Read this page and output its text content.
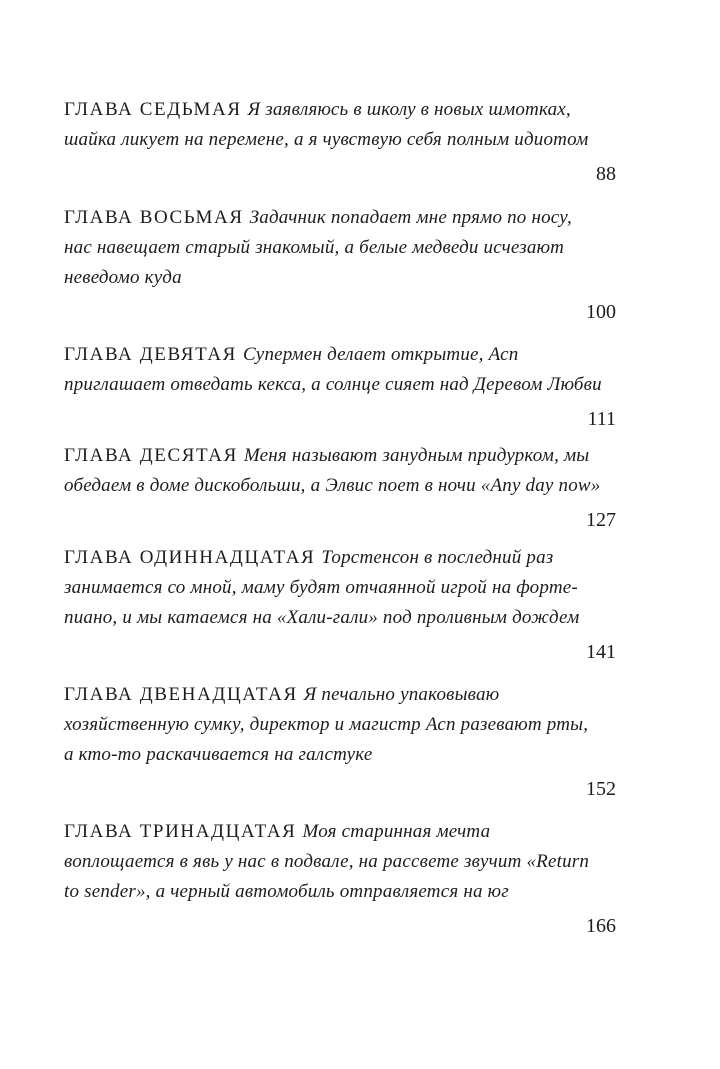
ГЛАВА СЕДЬМАЯ Я заявляюсь в школу в новых шмотках,
шайка ликует на перемене, а я чувствую себя полным идиотом
88
ГЛАВА ВОСЬМАЯ Задачник попадает мне прямо по носу,
нас навещает старый знакомый, а белые медведи исчезают
неведомо куда
100
ГЛАВА ДЕВЯТАЯ Супермен делает открытие, Асп
приглашает отведать кекса, а солнце сияет над Деревом Любви
111
ГЛАВА ДЕСЯТАЯ Меня называют занудным придурком, мы
обедаем в доме дискобольши, а Элвис поет в ночи «Any day now»
127
ГЛАВА ОДИННАДЦАТАЯ Торстенсон в последний раз
занимается со мной, маму будят отчаянной игрой на форте-
пиано, и мы катаемся на «Хали-гали» под проливным дождем
141
ГЛАВА ДВЕНАДЦАТАЯ Я печально упаковываю
хозяйственную сумку, директор и магистр Асп разевают рты,
а кто-то раскачивается на галстуке
152
ГЛАВА ТРИНАДЦАТАЯ Моя старинная мечта
воплощается в явь у нас в подвале, на рассвете звучит «Return
to sender», а черный автомобиль отправляется на юг
166
